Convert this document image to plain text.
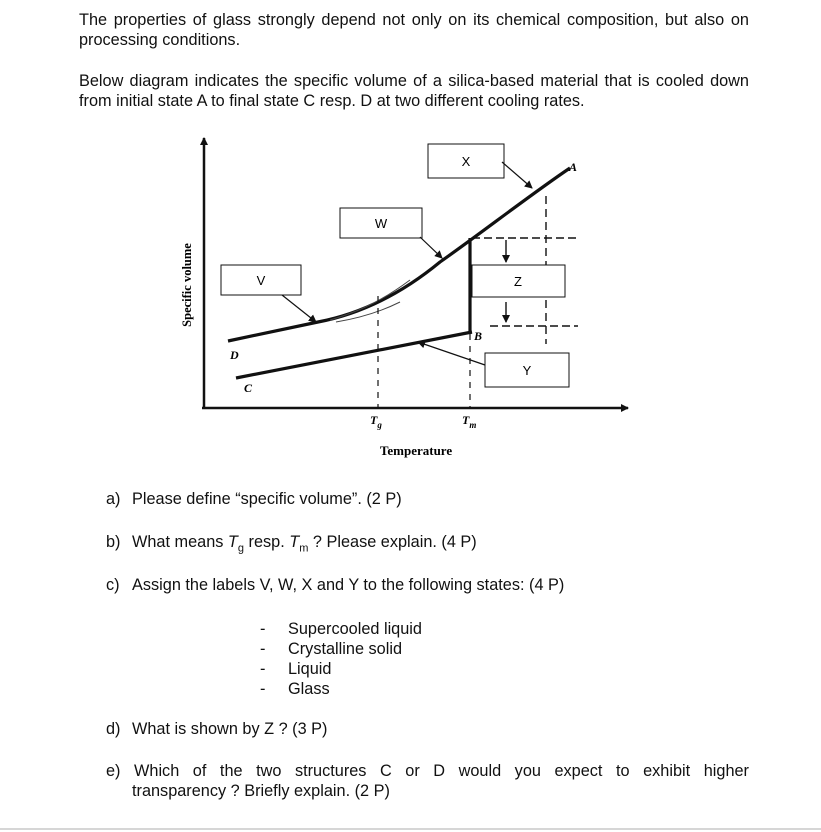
The properties of glass strongly depend not only on its chemical composition, but also on processing conditions.

Below diagram indicates the specific volume of a silica-based material that is cooled down from initial state A to final state C resp. D at two different cooling rates.

V
W
X
Z
Y
A
B
C
D
$T_g$	$T_m$
Temperature
Specific volume

a) Please define “specific volume”. (2 P)

b) What means $T_g$ resp. $T_m$ ? Please explain. (4 P)

c) Assign the labels V, W, X and Y to the following states: (4 P)

-	Supercooled liquid
-	Crystalline solid
-	Liquid
-	Glass

d) What is shown by Z ? (3 P)

e) Which of the two structures C or D would you expect to exhibit higher
transparency ? Briefly explain. (2 P)
